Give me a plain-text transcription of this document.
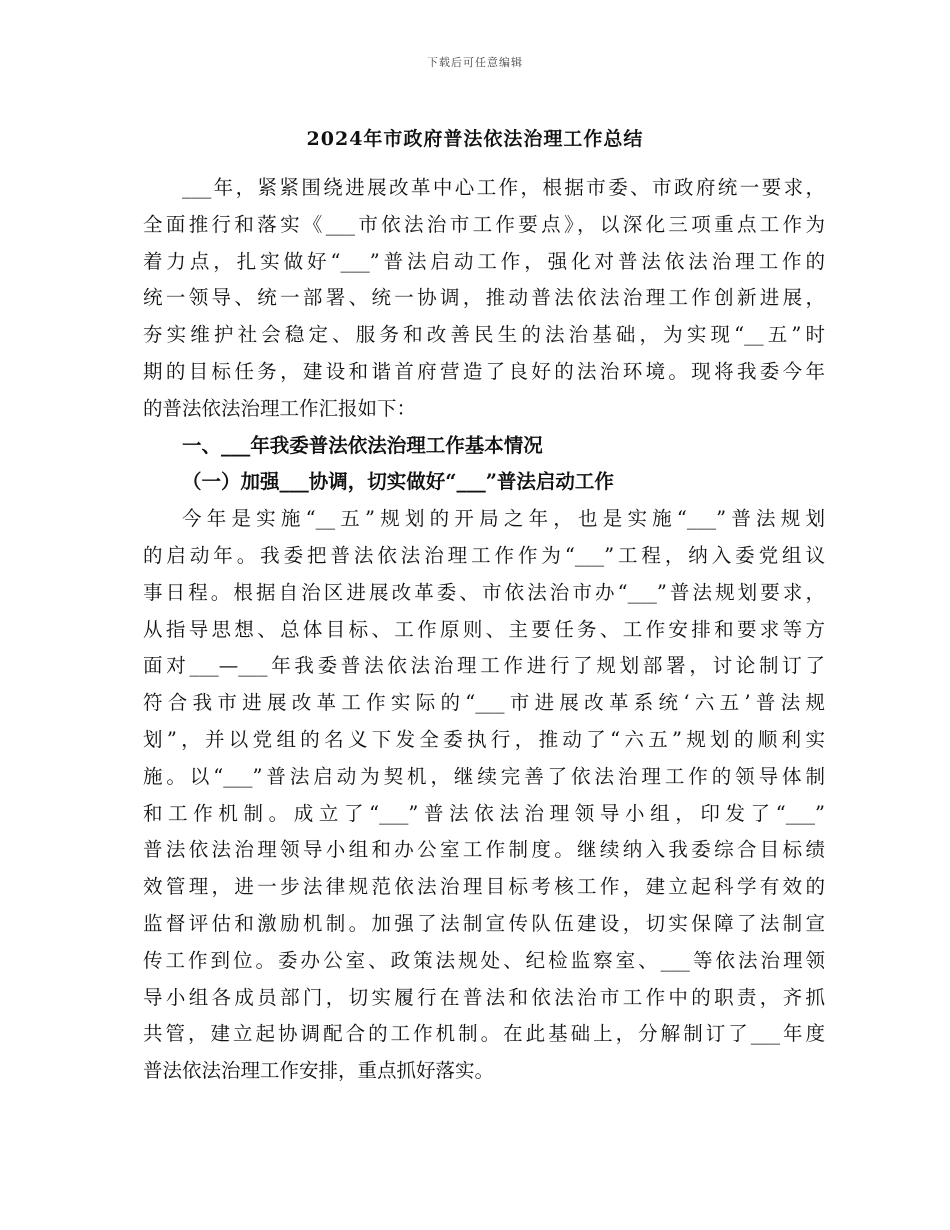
下载后可任意编辑
2024年市政府普法依法治理工作总结
___年，紧紧围绕进展改革中心工作，根据市委、市政府统一要求，
全面推行和落实《___市依法治市工作要点》，以深化三项重点工作为
着力点，扎实做好“___”普法启动工作，强化对普法依法治理工作的
统一领导、统一部署、统一协调，推动普法依法治理工作创新进展，
夯实维护社会稳定、服务和改善民生的法治基础，为实现“__五”时
期的目标任务，建设和谐首府营造了良好的法治环境。现将我委今年
的普法依法治理工作汇报如下：
一、___年我委普法依法治理工作基本情况
（一）加强___协调，切实做好“___”普法启动工作
今年是实施“__五”规划的开局之年，也是实施“___”普法规划
的启动年。我委把普法依法治理工作作为“___”工程，纳入委党组议
事日程。根据自治区进展改革委、市依法治市办“___”普法规划要求，
从指导思想、总体目标、工作原则、主要任务、工作安排和要求等方
面对___—___年我委普法依法治理工作进行了规划部署，讨论制订了
符合我市进展改革工作实际的“___市进展改革系统‘六五’普法规
划”，并以党组的名义下发全委执行，推动了“六五”规划的顺利实
施。以“___”普法启动为契机，继续完善了依法治理工作的领导体制
和工作机制。成立了“___”普法依法治理领导小组，印发了“___”
普法依法治理领导小组和办公室工作制度。继续纳入我委综合目标绩
效管理，进一步法律规范依法治理目标考核工作，建立起科学有效的
监督评估和激励机制。加强了法制宣传队伍建设，切实保障了法制宣
传工作到位。委办公室、政策法规处、纪检监察室、___等依法治理领
导小组各成员部门，切实履行在普法和依法治市工作中的职责，齐抓
共管，建立起协调配合的工作机制。在此基础上，分解制订了___年度
普法依法治理工作安排，重点抓好落实。
